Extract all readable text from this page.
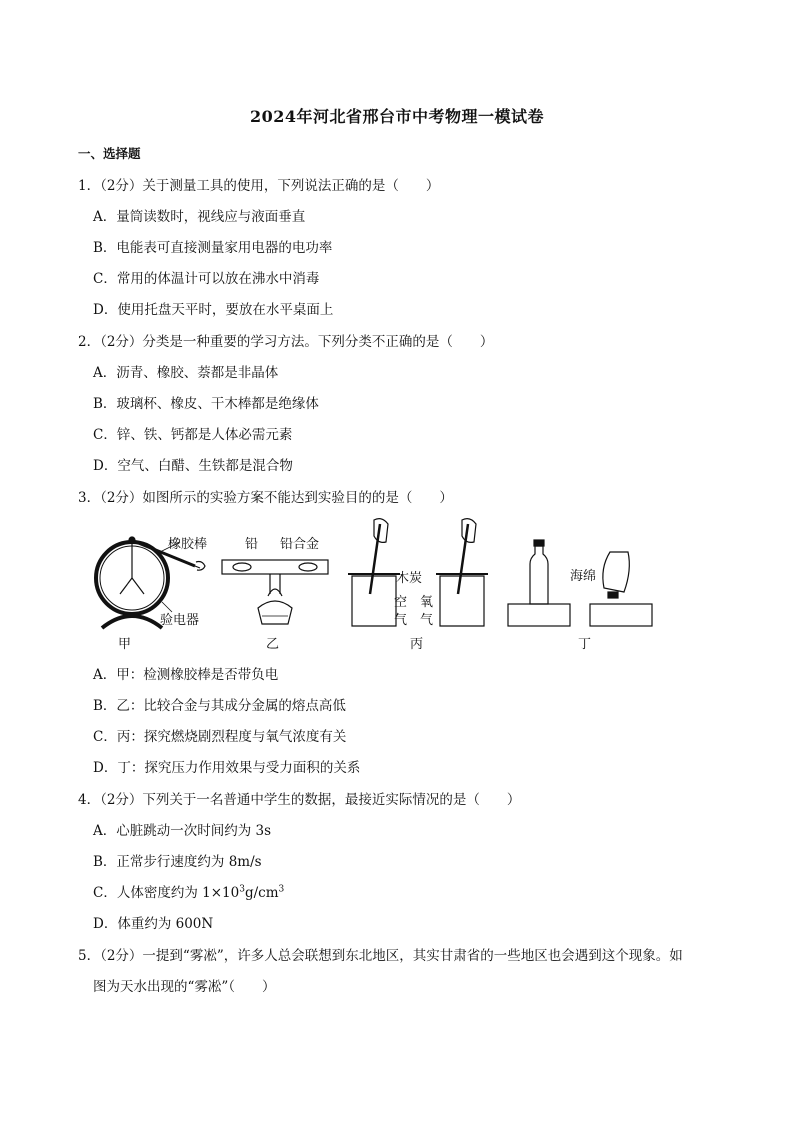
2024年河北省邢台市中考物理一模试卷
一、选择题
1．（2分）关于测量工具的使用，下列说法正确的是（　　）
A．量筒读数时，视线应与液面垂直
B．电能表可直接测量家用电器的电功率
C．常用的体温计可以放在沸水中消毒
D．使用托盘天平时，要放在水平桌面上
2．（2分）分类是一种重要的学习方法。下列分类不正确的是（　　）
A．沥青、橡胶、萘都是非晶体
B．玻璃杯、橡皮、干木棒都是绝缘体
C．锌、铁、钙都是人体必需元素
D．空气、白醋、生铁都是混合物
3．（2分）如图所示的实验方案不能达到实验目的的是（　　）
橡胶棒
验电器
甲
铅 铅合金
乙
木炭
空
气
氧
气
丙
海绵
丁
A．甲：检测橡胶棒是否带负电
B．乙：比较合金与其成分金属的熔点高低
C．丙：探究燃烧剧烈程度与氧气浓度有关
D．丁：探究压力作用效果与受力面积的关系
4．（2分）下列关于一名普通中学生的数据，最接近实际情况的是（　　）
A．心脏跳动一次时间约为 3s
B．正常步行速度约为 8m/s
C．人体密度约为 $1\times 10^3g/cm^3$
D．体重约为 600N
5．（2分）一提到“雾凇”，许多人总会联想到东北地区，其实甘肃省的一些地区也会遇到这个现象。如
图为天水出现的“雾凇”（　　）
